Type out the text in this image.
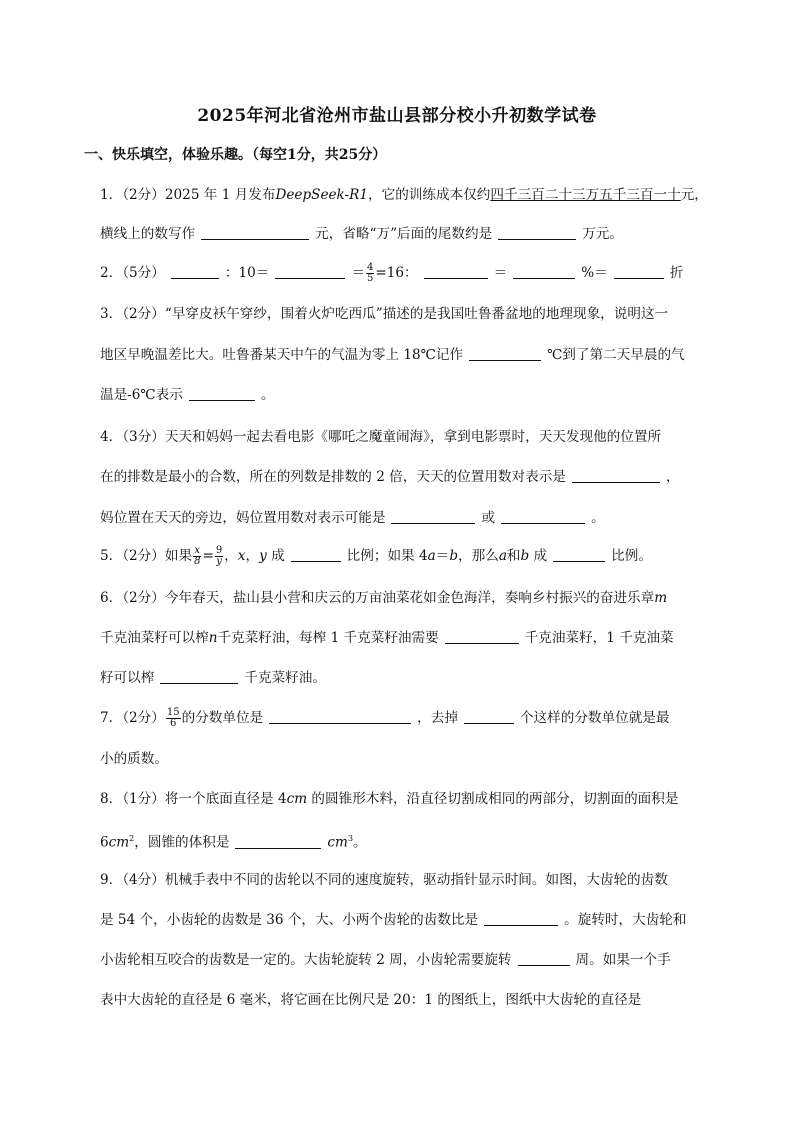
2025年河北省沧州市盐山县部分校小升初数学试卷
一、快乐填空，体验乐趣。（每空1分，共25分）
1．（2分）2025 年 1 月发布DeepSeek-R1，它的训练成本仅约四千三百二十三万五千三百一十元，
横线上的数写作	元，省略“万”后面的尾数约是	万元。
2．（5分）	：10＝	＝ $\frac{4}{5} =16$：	＝	%＝	折
3．（2分）“早穿皮袄午穿纱，围着火炉吃西瓜”描述的是我国吐鲁番盆地的地理现象，说明这一
地区早晚温差比大。吐鲁番某天中午的气温为零上 18℃记作	℃到了第二天早晨的气
温是-6℃表示	。
4．（3分）天天和妈妈一起去看电影《哪吒之魔童闹海》，拿到电影票时，天天发现他的位置所
在的排数是最小的合数，所在的列数是排数的 2 倍，天天的位置用数对表示是	，
妈位置在天天的旁边，妈位置用数对表示可能是	或	。
5．（2分）如果 $\frac{x}{8} = \frac{9}{y}$ ，x，y 成	比例；如果 4a＝b，那么a和b 成	比例。
6．（2分）今年春天，盐山县小营和庆云的万亩油菜花如金色海洋，奏响乡村振兴的奋进乐章m
千克油菜籽可以榨n千克菜籽油，每榨 1 千克菜籽油需要	千克油菜籽，1 千克油菜
籽可以榨	千克菜籽油。
7．（2分） $\frac{15}{6}$ 的分数单位是	，去掉	个这样的分数单位就是最
小的质数。
8．（1分）将一个底面直径是 4cm 的圆锥形木料，沿直径切割成相同的两部分，切割面的面积是
$6cm^2$，圆锥的体积是	$cm^3$。
9．（4分）机械手表中不同的齿轮以不同的速度旋转，驱动指针显示时间。如图，大齿轮的齿数
是 54 个，小齿轮的齿数是 36 个，大、小两个齿轮的齿数比是	。旋转时，大齿轮和
小齿轮相互咬合的齿数是一定的。大齿轮旋转 2 周，小齿轮需要旋转	周。如果一个手
表中大齿轮的直径是 6 毫米，将它画在比例尺是 20：1 的图纸上，图纸中大齿轮的直径是
